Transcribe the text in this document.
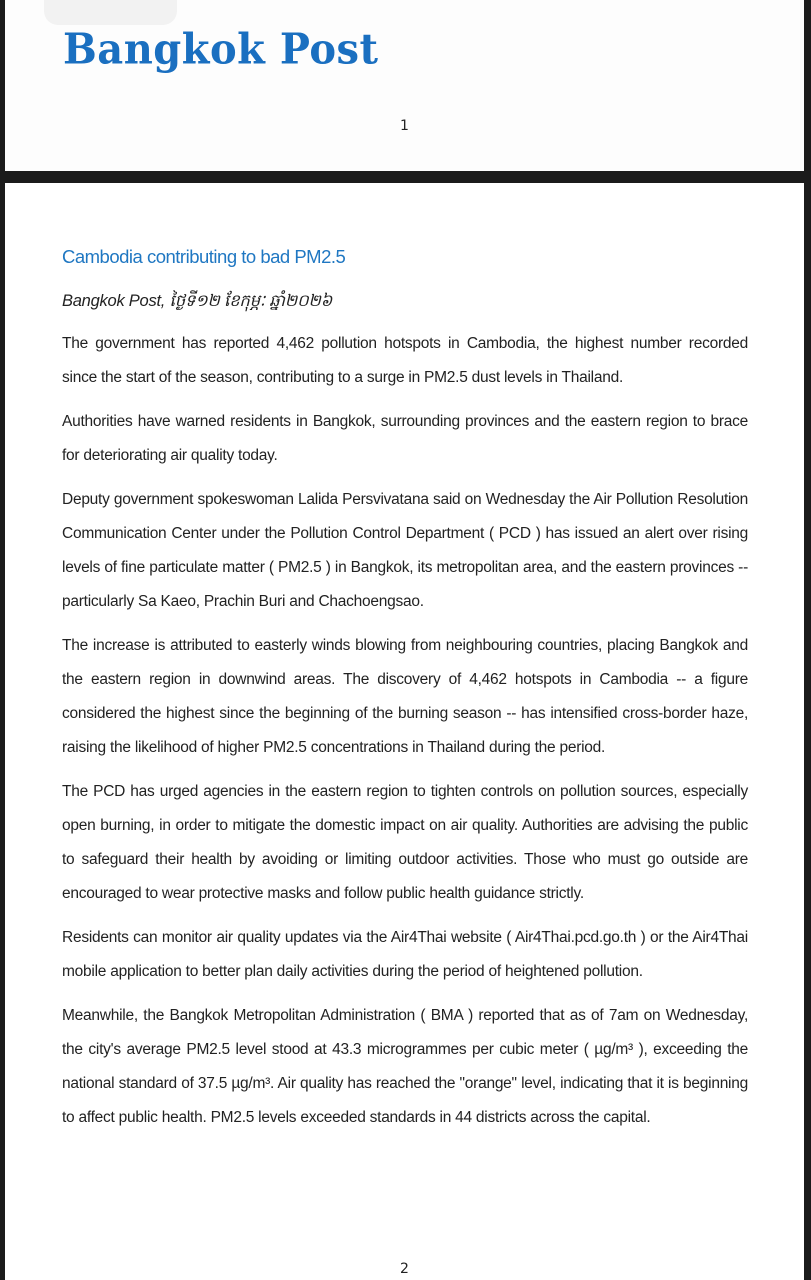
Bangkok Post
1
Cambodia contributing to bad PM2.5

Bangkok Post, ថ្ងៃទី១២ ខែកុម្ភៈ ឆ្នាំ២០២៦

The government has reported 4,462 pollution hotspots in Cambodia, the highest number recorded since the start of the season, contributing to a surge in PM2.5 dust levels in Thailand.

Authorities have warned residents in Bangkok, surrounding provinces and the eastern region to brace for deteriorating air quality today.

Deputy government spokeswoman Lalida Persvivatana said on Wednesday the Air Pollution Resolution Communication Center under the Pollution Control Department ( PCD ) has issued an alert over rising levels of fine particulate matter ( PM2.5 ) in Bangkok, its metropolitan area, and the eastern provinces -- particularly Sa Kaeo, Prachin Buri and Chachoengsao.

The increase is attributed to easterly winds blowing from neighbouring countries, placing Bangkok and the eastern region in downwind areas. The discovery of 4,462 hotspots in Cambodia -- a figure considered the highest since the beginning of the burning season -- has intensified cross-border haze, raising the likelihood of higher PM2.5 concentrations in Thailand during the period.

The PCD has urged agencies in the eastern region to tighten controls on pollution sources, especially open burning, in order to mitigate the domestic impact on air quality. Authorities are advising the public to safeguard their health by avoiding or limiting outdoor activities. Those who must go outside are encouraged to wear protective masks and follow public health guidance strictly.

Residents can monitor air quality updates via the Air4Thai website ( Air4Thai.pcd.go.th ) or the Air4Thai mobile application to better plan daily activities during the period of heightened pollution.

Meanwhile, the Bangkok Metropolitan Administration ( BMA ) reported that as of 7am on Wednesday, the city's average PM2.5 level stood at 43.3 microgrammes per cubic meter ( µg/m³ ), exceeding the national standard of 37.5 µg/m³. Air quality has reached the "orange" level, indicating that it is beginning to affect public health. PM2.5 levels exceeded standards in 44 districts across the capital.

2
